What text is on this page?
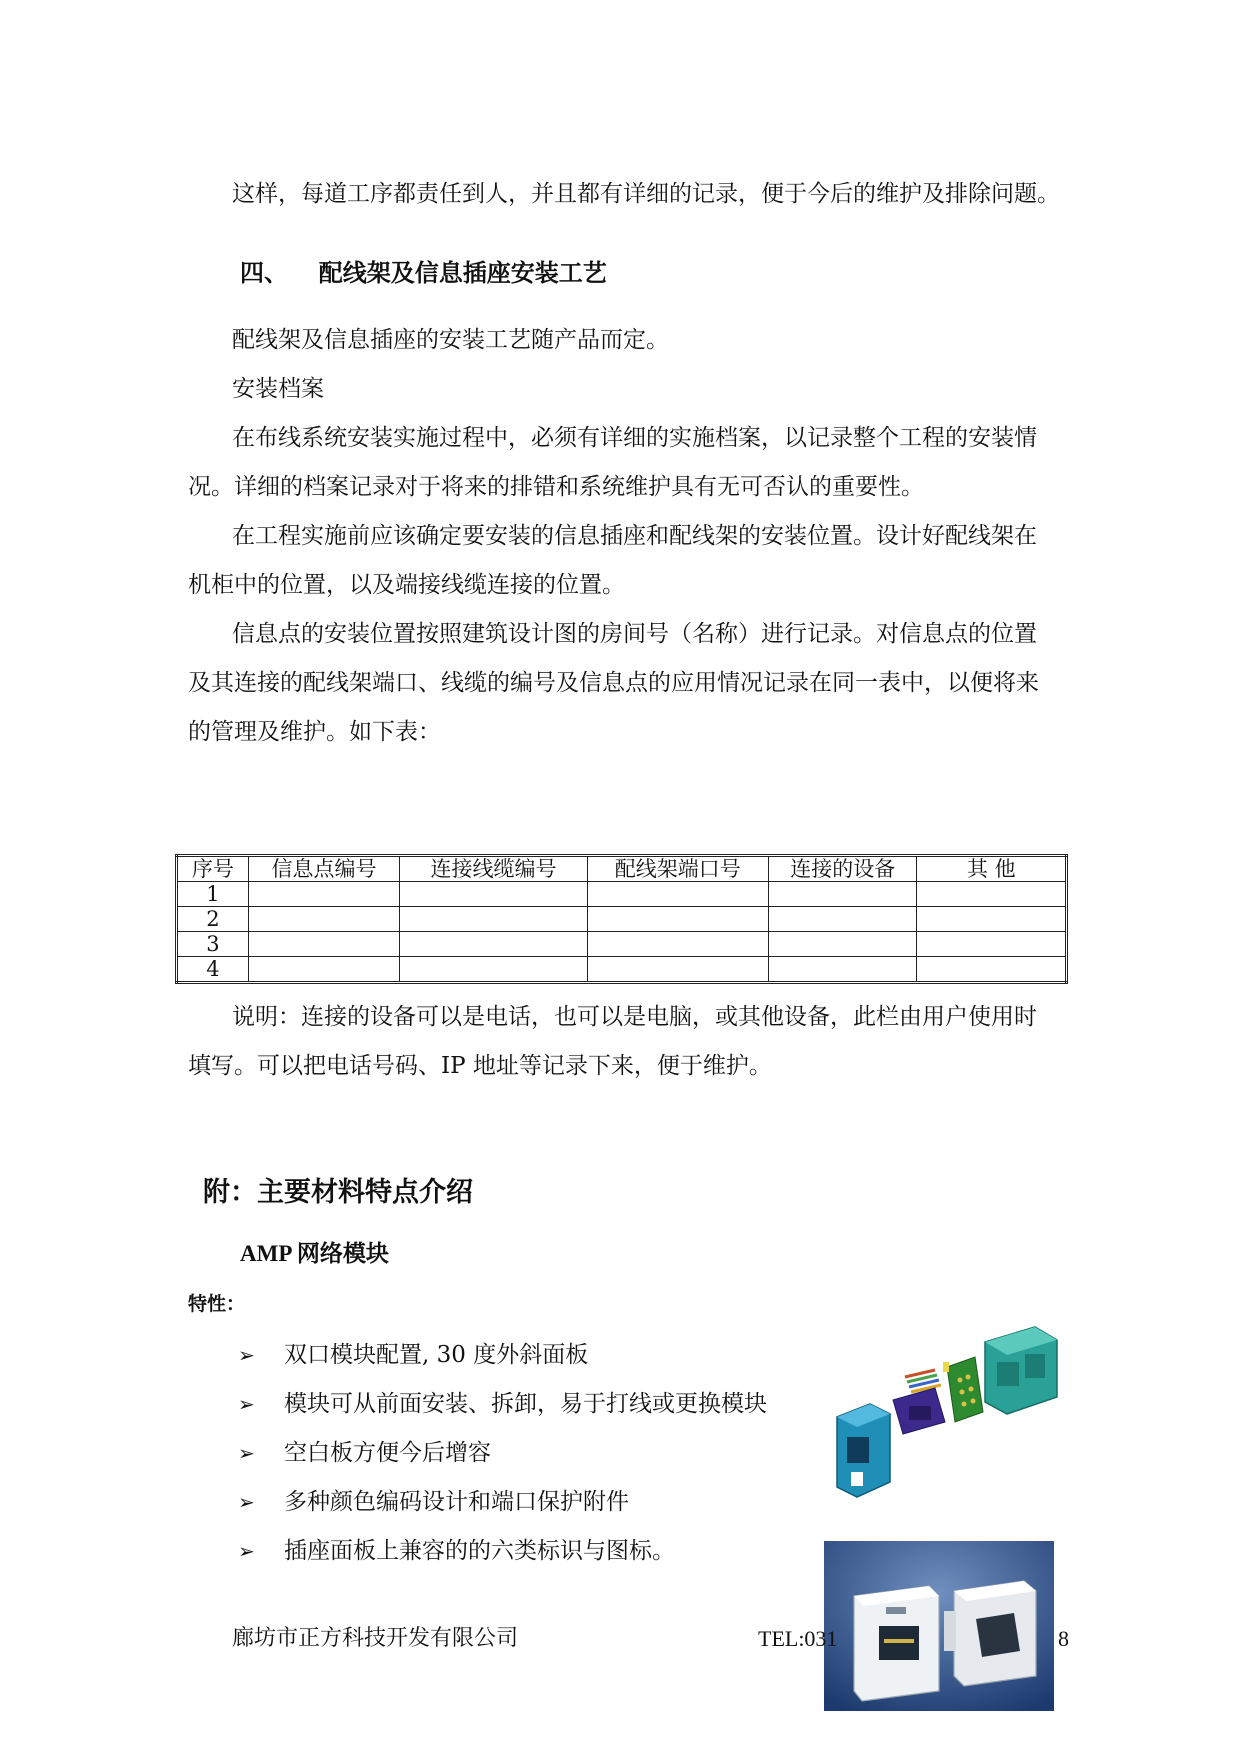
这样，每道工序都责任到人，并且都有详细的记录，便于今后的维护及排除问题。
四、 配线架及信息插座安装工艺
配线架及信息插座的安装工艺随产品而定。
安装档案
在布线系统安装实施过程中，必须有详细的实施档案，以记录整个工程的安装情
况。详细的档案记录对于将来的排错和系统维护具有无可否认的重要性。
在工程实施前应该确定要安装的信息插座和配线架的安装位置。设计好配线架在
机柜中的位置，以及端接线缆连接的位置。
信息点的安装位置按照建筑设计图的房间号（名称）进行记录。对信息点的位置
及其连接的配线架端口、线缆的编号及信息点的应用情况记录在同一表中，以便将来
的管理及维护。如下表：
序号	信息点编号	连接线缆编号	配线架端口号	连接的设备	其 他
1					
2					
3					
4					
说明：连接的设备可以是电话，也可以是电脑，或其他设备，此栏由用户使用时
填写。可以把电话号码、IP 地址等记录下来，便于维护。
附：主要材料特点介绍
AMP 网络模块
特性：
➢ 双口模块配置, 30 度外斜面板
➢ 模块可从前面安装、拆卸，易于打线或更换模块
➢ 空白板方便今后增容
➢ 多种颜色编码设计和端口保护附件
➢ 插座面板上兼容的的六类标识与图标。
廊坊市正方科技开发有限公司	TEL:031	8
